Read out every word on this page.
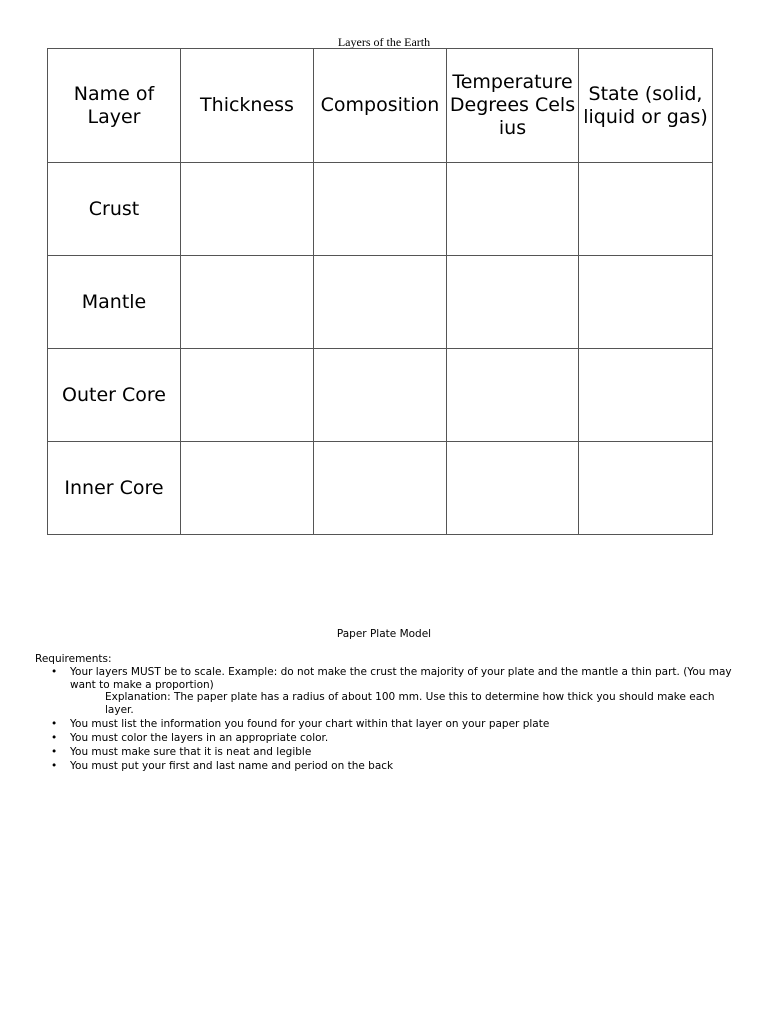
Layers of the Earth
Name of Layer	Thickness	Composition	Temperature Degrees Celsius	State (solid, liquid or gas)
Crust				
Mantle				
Outer Core				
Inner Core				
Paper Plate Model
Requirements:
• Your layers MUST be to scale. Example: do not make the crust the majority of your plate and the mantle a thin part. (You may want to make a proportion)
Explanation: The paper plate has a radius of about 100 mm. Use this to determine how thick you should make each layer.
• You must list the information you found for your chart within that layer on your paper plate
• You must color the layers in an appropriate color.
• You must make sure that it is neat and legible
• You must put your first and last name and period on the back
